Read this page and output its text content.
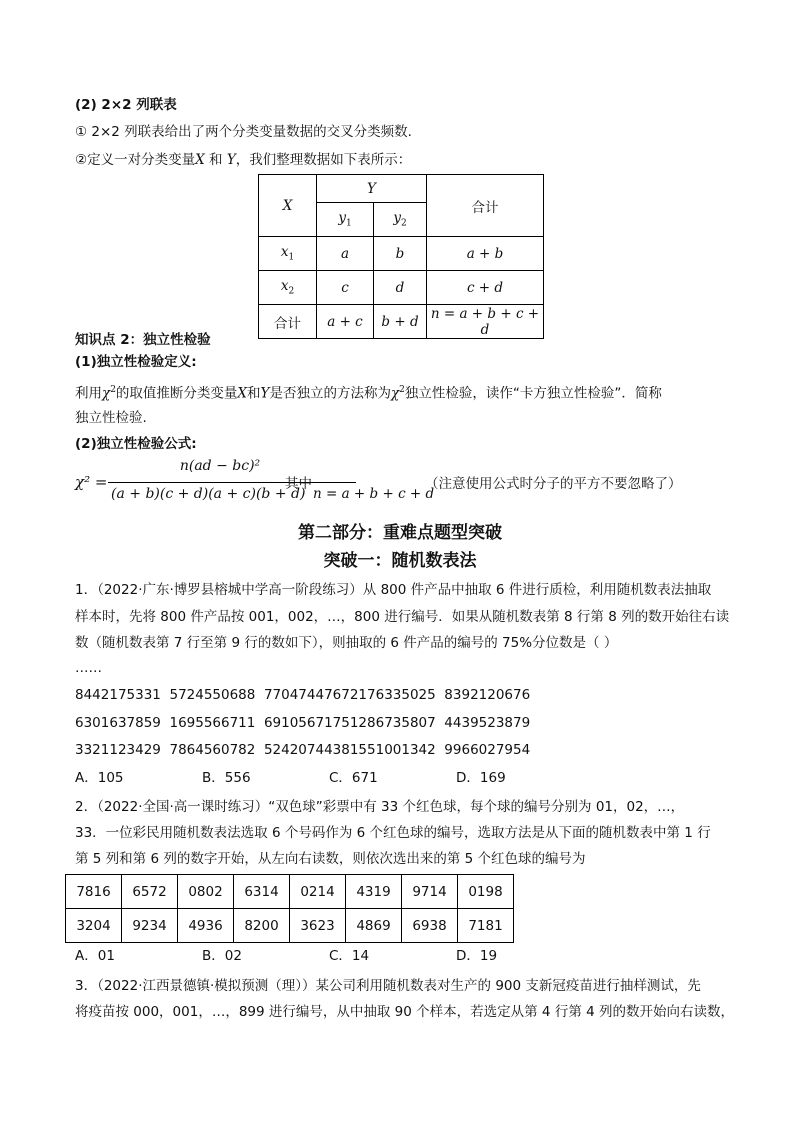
(2) 2×2 列联表
① 2×2 列联表给出了两个分类变量数据的交叉分类频数.
②定义一对分类变量X 和 Y，我们整理数据如下表所示：
X	Y		合计
	$y_1$	$y_2$
$x_1$	a	b	a + b
$x_2$	c	d	c + d
合计	a + c	b + d	n = a + b + c + d
知识点 2：独立性检验
(1)独立性检验定义:
利用$\chi^2$的取值推断分类变量X和Y是否独立的方法称为$\chi^2$独立性检验，读作“卡方独立性检验”．简称
独立性检验.
(2)独立性检验公式:
χ² =
n(ad − bc)²
(a + b)(c + d)(a + c)(b + d)
其中
n = a + b + c + d
（注意使用公式时分子的平方不要忽略了）
第二部分：重难点题型突破
突破一：随机数表法
1．（2022·广东·博罗县榕城中学高一阶段练习）从 800 件产品中抽取 6 件进行质检，利用随机数表法抽取
样本时，先将 800 件产品按 001，002，…，800 进行编号．如果从随机数表第 8 行第 8 列的数开始往右读
数（随机数表第 7 行至第 9 行的数如下），则抽取的 6 件产品的编号的 75%分位数是（ ）
……
8442175331  5724550688  77047447672176335025  8392120676
6301637859  1695566711  69105671751286735807  4439523879
3321123429  7864560782  52420744381551001342  9966027954
A．105	B．556	C．671	D．169
2．（2022·全国·高一课时练习）“双色球”彩票中有 33 个红色球，每个球的编号分别为 01，02，…，
33．一位彩民用随机数表法选取 6 个号码作为 6 个红色球的编号，选取方法是从下面的随机数表中第 1 行
第 5 列和第 6 列的数字开始，从左向右读数，则依次选出来的第 5 个红色球的编号为
7816	6572	0802	6314	0214	4319	9714	0198
3204	9234	4936	8200	3623	4869	6938	7181
A．01	B．02	C．14	D．19
3．（2022·江西景德镇·模拟预测（理））某公司利用随机数表对生产的 900 支新冠疫苗进行抽样测试，先
将疫苗按 000，001，…，899 进行编号，从中抽取 90 个样本，若选定从第 4 行第 4 列的数开始向右读数，
